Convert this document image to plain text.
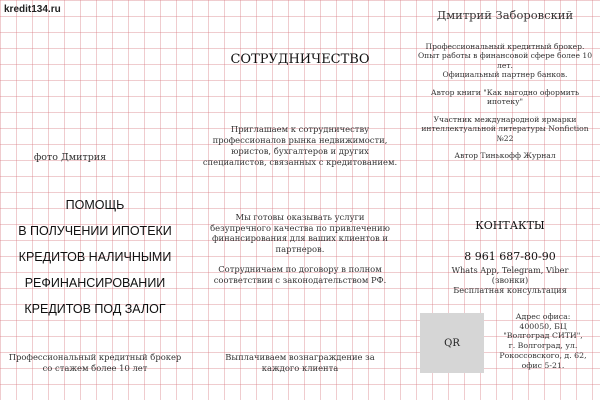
kredit134.ru	Дмитрий Заборовский
СОТРУДНИЧЕСТВО
Профессиональный кредитный брокер.
Опыт работы в финансовой сфере более 10 лет.
Официальный партнер банков.
Автор книги "Как выгодно оформить ипотеку"
Участник международной ярмарки интеллектуальной литературы Nonfiction №22
Автор Тинькофф Журнал
Приглашаем к сотрудничеству профессионалов рынка недвижимости, юристов, бухгалтеров и других специалистов, связанных с кредитованием.
фото Дмитрия
ПОМОЩЬ
В ПОЛУЧЕНИИ ИПОТЕКИ
КРЕДИТОВ НАЛИЧНЫМИ
РЕФИНАНСИРОВАНИИ
КРЕДИТОВ ПОД ЗАЛОГ
Мы готовы оказывать услуги безупречного качества по привлечению финансирования для ваших клиентов и партнеров.
Сотрудничаем по договору в полном соответствии с законодательством РФ.
КОНТАКТЫ
8 961 687-80-90
Whats App, Telegram, Viber
(звонки)
Бесплатная консультация
QR
Адрес офиса:
400050, БЦ
"Волгоград СИТИ",
г. Волгоград, ул.
Рокоссовского, д. 62,
офис 5-21.
Профессиональный кредитный брокер
со стажем более 10 лет
Выплачиваем вознаграждение за
каждого клиента
